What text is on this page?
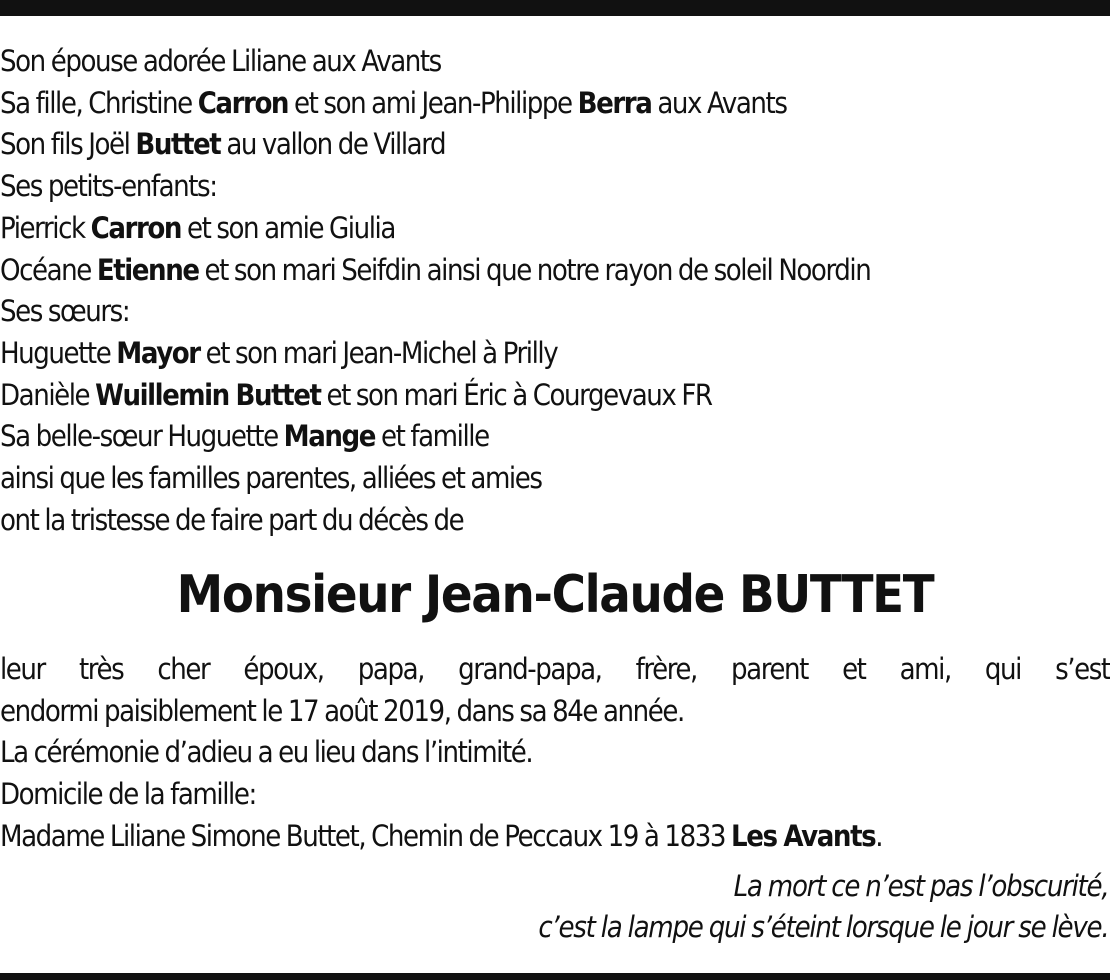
Son épouse adorée Liliane aux Avants
Sa fille, Christine Carron et son ami Jean-Philippe Berra aux Avants
Son fils Joël Buttet au vallon de Villard
Ses petits-enfants:
Pierrick Carron et son amie Giulia
Océane Etienne et son mari Seifdin ainsi que notre rayon de soleil Noordin
Ses sœurs:
Huguette Mayor et son mari Jean-Michel à Prilly
Danièle Wuillemin Buttet et son mari Éric à Courgevaux FR
Sa belle-sœur Huguette Mange et famille
ainsi que les familles parentes, alliées et amies
ont la tristesse de faire part du décès de
Monsieur Jean-Claude BUTTET
leur très cher époux, papa, grand-papa, frère, parent et ami, qui s’est
endormi paisiblement le 17 août 2019, dans sa 84e année.
La cérémonie d’adieu a eu lieu dans l’intimité.
Domicile de la famille:
Madame Liliane Simone Buttet, Chemin de Peccaux 19 à 1833 Les Avants.
La mort ce n’est pas l’obscurité,
c’est la lampe qui s’éteint lorsque le jour se lève.
